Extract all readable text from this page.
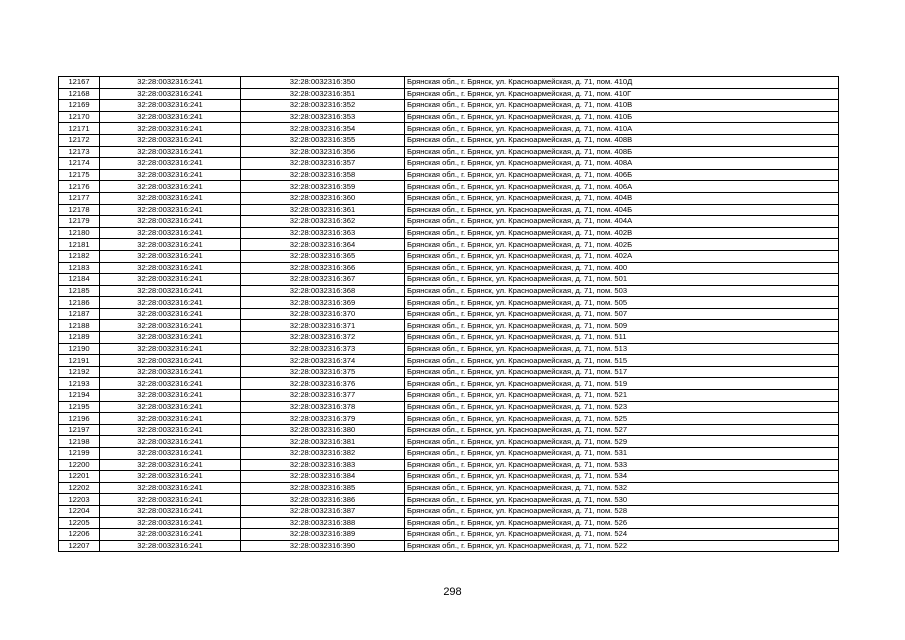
12167	32:28:0032316:241	32:28:0032316:350	Брянская обл., г. Брянск, ул. Красноармейская, д. 71, пом. 410Д
12168	32:28:0032316:241	32:28:0032316:351	Брянская обл., г. Брянск, ул. Красноармейская, д. 71, пом. 410Г
12169	32:28:0032316:241	32:28:0032316:352	Брянская обл., г. Брянск, ул. Красноармейская, д. 71, пом. 410В
12170	32:28:0032316:241	32:28:0032316:353	Брянская обл., г. Брянск, ул. Красноармейская, д. 71, пом. 410Б
12171	32:28:0032316:241	32:28:0032316:354	Брянская обл., г. Брянск, ул. Красноармейская, д. 71, пом. 410А
12172	32:28:0032316:241	32:28:0032316:355	Брянская обл., г. Брянск, ул. Красноармейская, д. 71, пом. 408В
12173	32:28:0032316:241	32:28:0032316:356	Брянская обл., г. Брянск, ул. Красноармейская, д. 71, пом. 408Б
12174	32:28:0032316:241	32:28:0032316:357	Брянская обл., г. Брянск, ул. Красноармейская, д. 71, пом. 408А
12175	32:28:0032316:241	32:28:0032316:358	Брянская обл., г. Брянск, ул. Красноармейская, д. 71, пом. 406Б
12176	32:28:0032316:241	32:28:0032316:359	Брянская обл., г. Брянск, ул. Красноармейская, д. 71, пом. 406А
12177	32:28:0032316:241	32:28:0032316:360	Брянская обл., г. Брянск, ул. Красноармейская, д. 71, пом. 404В
12178	32:28:0032316:241	32:28:0032316:361	Брянская обл., г. Брянск, ул. Красноармейская, д. 71, пом. 404Б
12179	32:28:0032316:241	32:28:0032316:362	Брянская обл., г. Брянск, ул. Красноармейская, д. 71, пом. 404А
12180	32:28:0032316:241	32:28:0032316:363	Брянская обл., г. Брянск, ул. Красноармейская, д. 71, пом. 402В
12181	32:28:0032316:241	32:28:0032316:364	Брянская обл., г. Брянск, ул. Красноармейская, д. 71, пом. 402Б
12182	32:28:0032316:241	32:28:0032316:365	Брянская обл., г. Брянск, ул. Красноармейская, д. 71, пом. 402А
12183	32:28:0032316:241	32:28:0032316:366	Брянская обл., г. Брянск, ул. Красноармейская, д. 71, пом. 400
12184	32:28:0032316:241	32:28:0032316:367	Брянская обл., г. Брянск, ул. Красноармейская, д. 71, пом. 501
12185	32:28:0032316:241	32:28:0032316:368	Брянская обл., г. Брянск, ул. Красноармейская, д. 71, пом. 503
12186	32:28:0032316:241	32:28:0032316:369	Брянская обл., г. Брянск, ул. Красноармейская, д. 71, пом. 505
12187	32:28:0032316:241	32:28:0032316:370	Брянская обл., г. Брянск, ул. Красноармейская, д. 71, пом. 507
12188	32:28:0032316:241	32:28:0032316:371	Брянская обл., г. Брянск, ул. Красноармейская, д. 71, пом. 509
12189	32:28:0032316:241	32:28:0032316:372	Брянская обл., г. Брянск, ул. Красноармейская, д. 71, пом. 511
12190	32:28:0032316:241	32:28:0032316:373	Брянская обл., г. Брянск, ул. Красноармейская, д. 71, пом. 513
12191	32:28:0032316:241	32:28:0032316:374	Брянская обл., г. Брянск, ул. Красноармейская, д. 71, пом. 515
12192	32:28:0032316:241	32:28:0032316:375	Брянская обл., г. Брянск, ул. Красноармейская, д. 71, пом. 517
12193	32:28:0032316:241	32:28:0032316:376	Брянская обл., г. Брянск, ул. Красноармейская, д. 71, пом. 519
12194	32:28:0032316:241	32:28:0032316:377	Брянская обл., г. Брянск, ул. Красноармейская, д. 71, пом. 521
12195	32:28:0032316:241	32:28:0032316:378	Брянская обл., г. Брянск, ул. Красноармейская, д. 71, пом. 523
12196	32:28:0032316:241	32:28:0032316:379	Брянская обл., г. Брянск, ул. Красноармейская, д. 71, пом. 525
12197	32:28:0032316:241	32:28:0032316:380	Брянская обл., г. Брянск, ул. Красноармейская, д. 71, пом. 527
12198	32:28:0032316:241	32:28:0032316:381	Брянская обл., г. Брянск, ул. Красноармейская, д. 71, пом. 529
12199	32:28:0032316:241	32:28:0032316:382	Брянская обл., г. Брянск, ул. Красноармейская, д. 71, пом. 531
12200	32:28:0032316:241	32:28:0032316:383	Брянская обл., г. Брянск, ул. Красноармейская, д. 71, пом. 533
12201	32:28:0032316:241	32:28:0032316:384	Брянская обл., г. Брянск, ул. Красноармейская, д. 71, пом. 534
12202	32:28:0032316:241	32:28:0032316:385	Брянская обл., г. Брянск, ул. Красноармейская, д. 71, пом. 532
12203	32:28:0032316:241	32:28:0032316:386	Брянская обл., г. Брянск, ул. Красноармейская, д. 71, пом. 530
12204	32:28:0032316:241	32:28:0032316:387	Брянская обл., г. Брянск, ул. Красноармейская, д. 71, пом. 528
12205	32:28:0032316:241	32:28:0032316:388	Брянская обл., г. Брянск, ул. Красноармейская, д. 71, пом. 526
12206	32:28:0032316:241	32:28:0032316:389	Брянская обл., г. Брянск, ул. Красноармейская, д. 71, пом. 524
12207	32:28:0032316:241	32:28:0032316:390	Брянская обл., г. Брянск, ул. Красноармейская, д. 71, пом. 522
298
